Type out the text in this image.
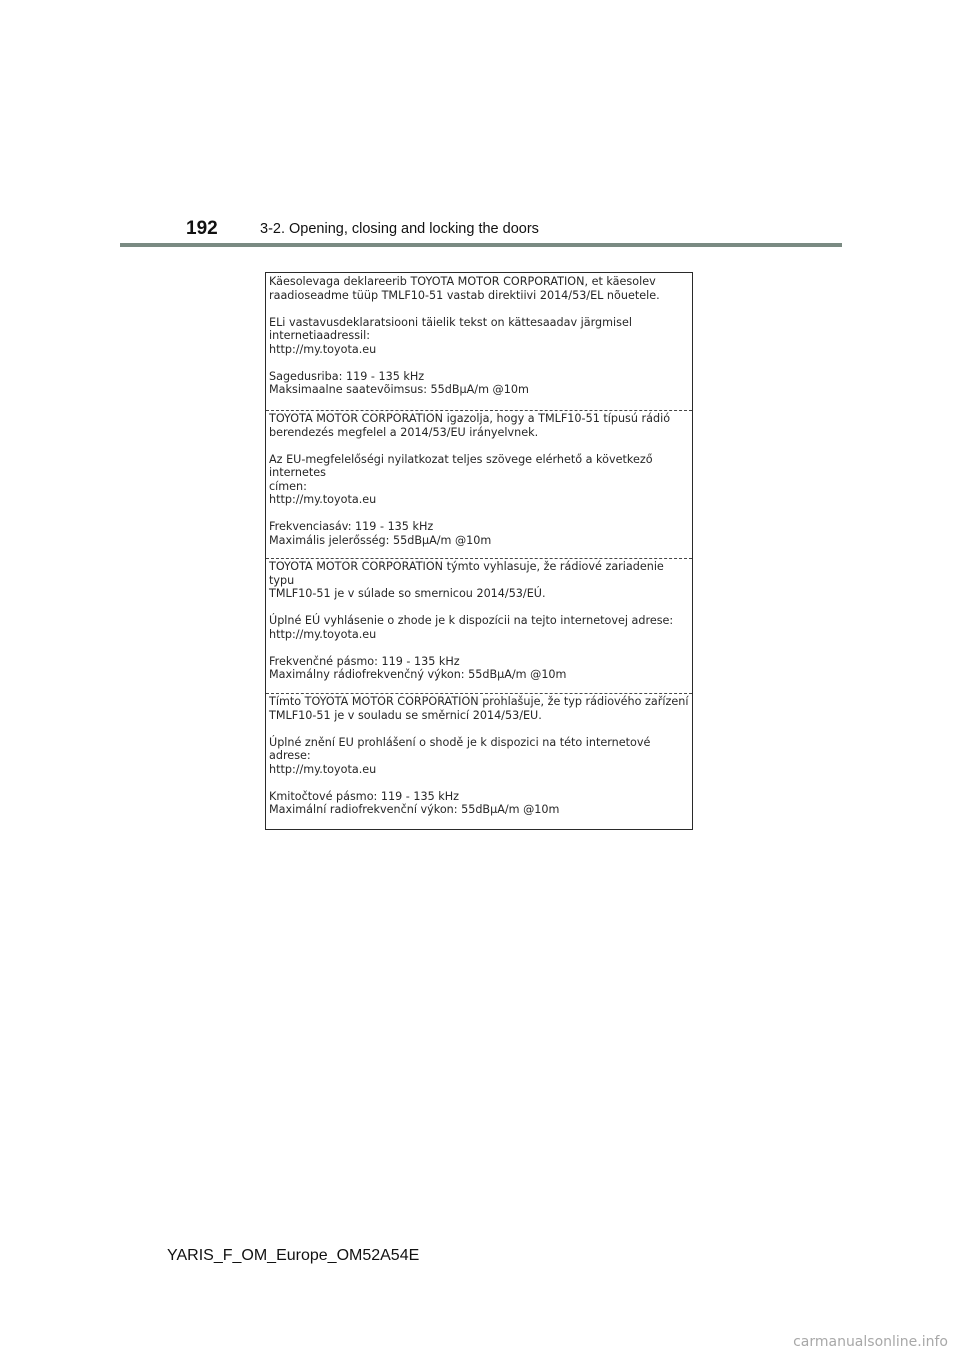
192	3-2. Opening, closing and locking the doors
Käesolevaga deklareerib TOYOTA MOTOR CORPORATION, et käesolev
raadioseadme tüüp TMLF10-51 vastab direktiivi 2014/53/EL nõuetele.

ELi vastavusdeklaratsiooni täielik tekst on kättesaadav järgmisel
internetiaadressil:
http://my.toyota.eu

Sagedusriba: 119 - 135 kHz
Maksimaalne saatevõimsus: 55dBµA/m @10m
TOYOTA MOTOR CORPORATION igazolja, hogy a TMLF10-51 típusú rádió
berendezés megfelel a 2014/53/EU irányelvnek.

Az EU-megfelelőségi nyilatkozat teljes szövege elérhető a következő internetes
címen:
http://my.toyota.eu

Frekvenciasáv: 119 - 135 kHz
Maximális jelerősség: 55dBµA/m @10m
TOYOTA MOTOR CORPORATION týmto vyhlasuje, že rádiové zariadenie typu
TMLF10-51 je v súlade so smernicou 2014/53/EÚ.

Úplné EÚ vyhlásenie o zhode je k dispozícii na tejto internetovej adrese:
http://my.toyota.eu

Frekvenčné pásmo: 119 - 135 kHz
Maximálny rádiofrekvenčný výkon: 55dBµA/m @10m
Tímto TOYOTA MOTOR CORPORATION prohlašuje, že typ rádiového zařízení
TMLF10-51 je v souladu se směrnicí 2014/53/EU.

Úplné znění EU prohlášení o shodě je k dispozici na této internetové adrese:
http://my.toyota.eu

Kmitočtové pásmo: 119 - 135 kHz
Maximální radiofrekvenční výkon: 55dBµA/m @10m
YARIS_F_OM_Europe_OM52A54E
carmanualsonline.info
